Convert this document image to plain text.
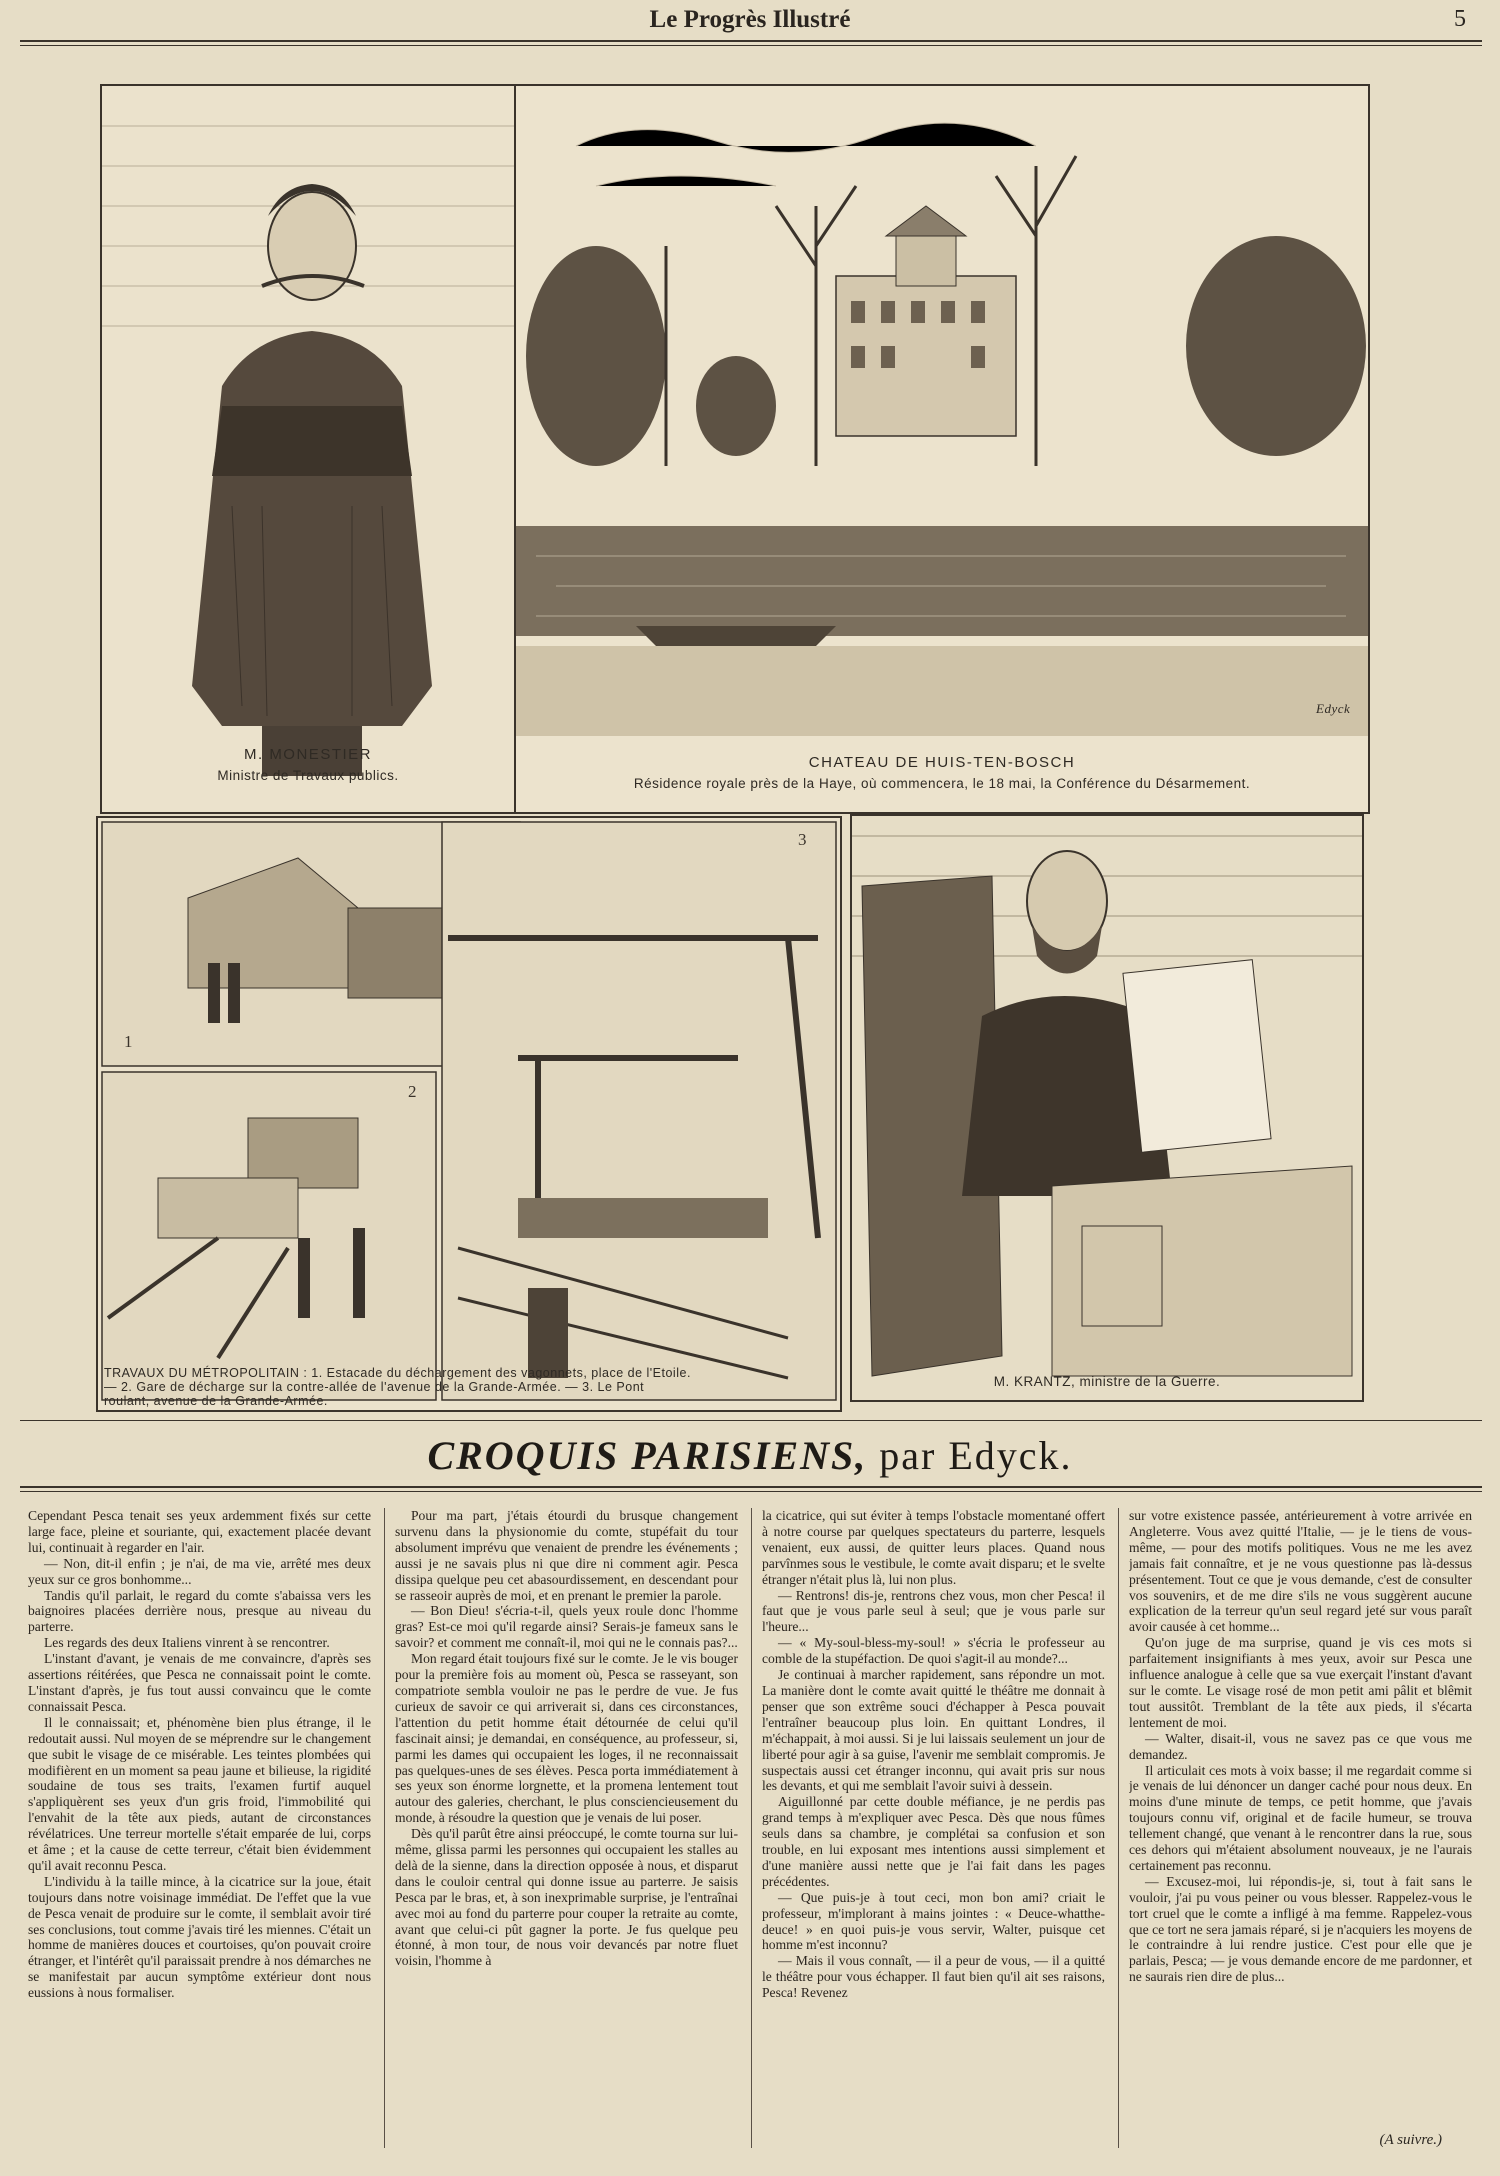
Le Progrès Illustré	5
M. MONESTIER
Ministre de Travaux publics.
Edyck
CHATEAU DE HUIS-TEN-BOSCH
Résidence royale près de la Haye, où commencera, le 18 mai, la Conférence du Désarmement.
1
2
3
TRAVAUX DU MÉTROPOLITAIN : 1. Estacade du déchargement des vagonnets, place de l'Etoile.
— 2. Gare de décharge sur la contre-allée de l'avenue de la Grande-Armée. — 3. Le Pont
roulant, avenue de la Grande-Armée.
M. KRANTZ, ministre de la Guerre.
CROQUIS PARISIENS, par Edyck.

Cependant Pesca tenait ses yeux ardemment fixés sur cette large face, pleine et souriante, qui, exactement placée devant lui, continuait à regarder en l'air.

— Non, dit-il enfin ; je n'ai, de ma vie, arrêté mes deux yeux sur ce gros bonhomme...

Tandis qu'il parlait, le regard du comte s'abaissa vers les baignoires placées derrière nous, presque au niveau du parterre.

Les regards des deux Italiens vinrent à se rencontrer.

L'instant d'avant, je venais de me convaincre, d'après ses assertions réitérées, que Pesca ne connaissait point le comte. L'instant d'après, je fus tout aussi convaincu que le comte connaissait Pesca.

Il le connaissait; et, phénomène bien plus étrange, il le redoutait aussi. Nul moyen de se méprendre sur le changement que subit le visage de ce misérable. Les teintes plombées qui modifièrent en un moment sa peau jaune et bilieuse, la rigidité soudaine de tous ses traits, l'examen furtif auquel s'appliquèrent ses yeux d'un gris froid, l'immobilité qui l'envahit de la tête aux pieds, autant de circonstances révélatrices. Une terreur mortelle s'était emparée de lui, corps et âme ; et la cause de cette terreur, c'était bien évidemment qu'il avait reconnu Pesca.

L'individu à la taille mince, à la cicatrice sur la joue, était toujours dans notre voisinage immédiat. De l'effet que la vue de Pesca venait de produire sur le comte, il semblait avoir tiré ses conclusions, tout comme j'avais tiré les miennes. C'était un homme de manières douces et courtoises, qu'on pouvait croire étranger, et l'intérêt qu'il paraissait prendre à nos démarches ne se manifestait par aucun symptôme extérieur dont nous eussions à nous formaliser.

Pour ma part, j'étais étourdi du brusque changement survenu dans la physionomie du comte, stupéfait du tour absolument imprévu que venaient de prendre les événements ; aussi je ne savais plus ni que dire ni comment agir. Pesca dissipa quelque peu cet abasourdissement, en descendant pour se rasseoir auprès de moi, et en prenant le premier la parole.

— Bon Dieu! s'écria-t-il, quels yeux roule donc l'homme gras? Est-ce moi qu'il regarde ainsi? Serais-je fameux sans le savoir? et comment me connaît-il, moi qui ne le connais pas?...

Mon regard était toujours fixé sur le comte. Je le vis bouger pour la première fois au moment où, Pesca se rasseyant, son compatriote sembla vouloir ne pas le perdre de vue. Je fus curieux de savoir ce qui arriverait si, dans ces circonstances, l'attention du petit homme était détournée de celui qu'il fascinait ainsi; je demandai, en conséquence, au professeur, si, parmi les dames qui occupaient les loges, il ne reconnaissait pas quelques-unes de ses élèves. Pesca porta immédiatement à ses yeux son énorme lorgnette, et la promena lentement tout autour des galeries, cherchant, le plus consciencieusement du monde, à résoudre la question que je venais de lui poser.

Dès qu'il parût être ainsi préoccupé, le comte tourna sur lui-même, glissa parmi les personnes qui occupaient les stalles au delà de la sienne, dans la direction opposée à nous, et disparut dans le couloir central qui donne issue au parterre. Je saisis Pesca par le bras, et, à son inexprimable surprise, je l'entraînai avec moi au fond du parterre pour couper la retraite au comte, avant que celui-ci pût gagner la porte. Je fus quelque peu étonné, à mon tour, de nous voir devancés par notre fluet voisin, l'homme à

la cicatrice, qui sut éviter à temps l'obstacle momentané offert à notre course par quelques spectateurs du parterre, lesquels venaient, eux aussi, de quitter leurs places. Quand nous parvînmes sous le vestibule, le comte avait disparu; et le svelte étranger n'était plus là, lui non plus.

— Rentrons! dis-je, rentrons chez vous, mon cher Pesca! il faut que je vous parle seul à seul; que je vous parle sur l'heure...

— « My-soul-bless-my-soul! » s'écria le professeur au comble de la stupéfaction. De quoi s'agit-il au monde?...

Je continuai à marcher rapidement, sans répondre un mot. La manière dont le comte avait quitté le théâtre me donnait à penser que son extrême souci d'échapper à Pesca pouvait l'entraîner beaucoup plus loin. En quittant Londres, il m'échappait, à moi aussi. Si je lui laissais seulement un jour de liberté pour agir à sa guise, l'avenir me semblait compromis. Je suspectais aussi cet étranger inconnu, qui avait pris sur nous les devants, et qui me semblait l'avoir suivi à dessein.

Aiguillonné par cette double méfiance, je ne perdis pas grand temps à m'expliquer avec Pesca. Dès que nous fûmes seuls dans sa chambre, je complétai sa confusion et son trouble, en lui exposant mes intentions aussi simplement et d'une manière aussi nette que je l'ai fait dans les pages précédentes.

— Que puis-je à tout ceci, mon bon ami? criait le professeur, m'implorant à mains jointes : « Deuce-whatthe-deuce! » en quoi puis-je vous servir, Walter, puisque cet homme m'est inconnu?

— Mais il vous connaît, — il a peur de vous, — il a quitté le théâtre pour vous échapper. Il faut bien qu'il ait ses raisons, Pesca! Revenez

sur votre existence passée, antérieurement à votre arrivée en Angleterre. Vous avez quitté l'Italie, — je le tiens de vous-même, — pour des motifs politiques. Vous ne me les avez jamais fait connaître, et je ne vous questionne pas là-dessus présentement. Tout ce que je vous demande, c'est de consulter vos souvenirs, et de me dire s'ils ne vous suggèrent aucune explication de la terreur qu'un seul regard jeté sur vous paraît avoir causée à cet homme...

Qu'on juge de ma surprise, quand je vis ces mots si parfaitement insignifiants à mes yeux, avoir sur Pesca une influence analogue à celle que sa vue exerçait l'instant d'avant sur le comte. Le visage rosé de mon petit ami pâlit et blêmit tout aussitôt. Tremblant de la tête aux pieds, il s'écarta lentement de moi.

— Walter, disait-il, vous ne savez pas ce que vous me demandez.

Il articulait ces mots à voix basse; il me regardait comme si je venais de lui dénoncer un danger caché pour nous deux. En moins d'une minute de temps, ce petit homme, que j'avais toujours connu vif, original et de facile humeur, se trouva tellement changé, que venant à le rencontrer dans la rue, sous ces dehors qui m'étaient absolument nouveaux, je ne l'aurais certainement pas reconnu.

— Excusez-moi, lui répondis-je, si, tout à fait sans le vouloir, j'ai pu vous peiner ou vous blesser. Rappelez-vous le tort cruel que le comte a infligé à ma femme. Rappelez-vous que ce tort ne sera jamais réparé, si je n'acquiers les moyens de le contraindre à lui rendre justice. C'est pour elle que je parlais, Pesca; — je vous demande encore de me pardonner, et ne saurais rien dire de plus...

(A suivre.)
